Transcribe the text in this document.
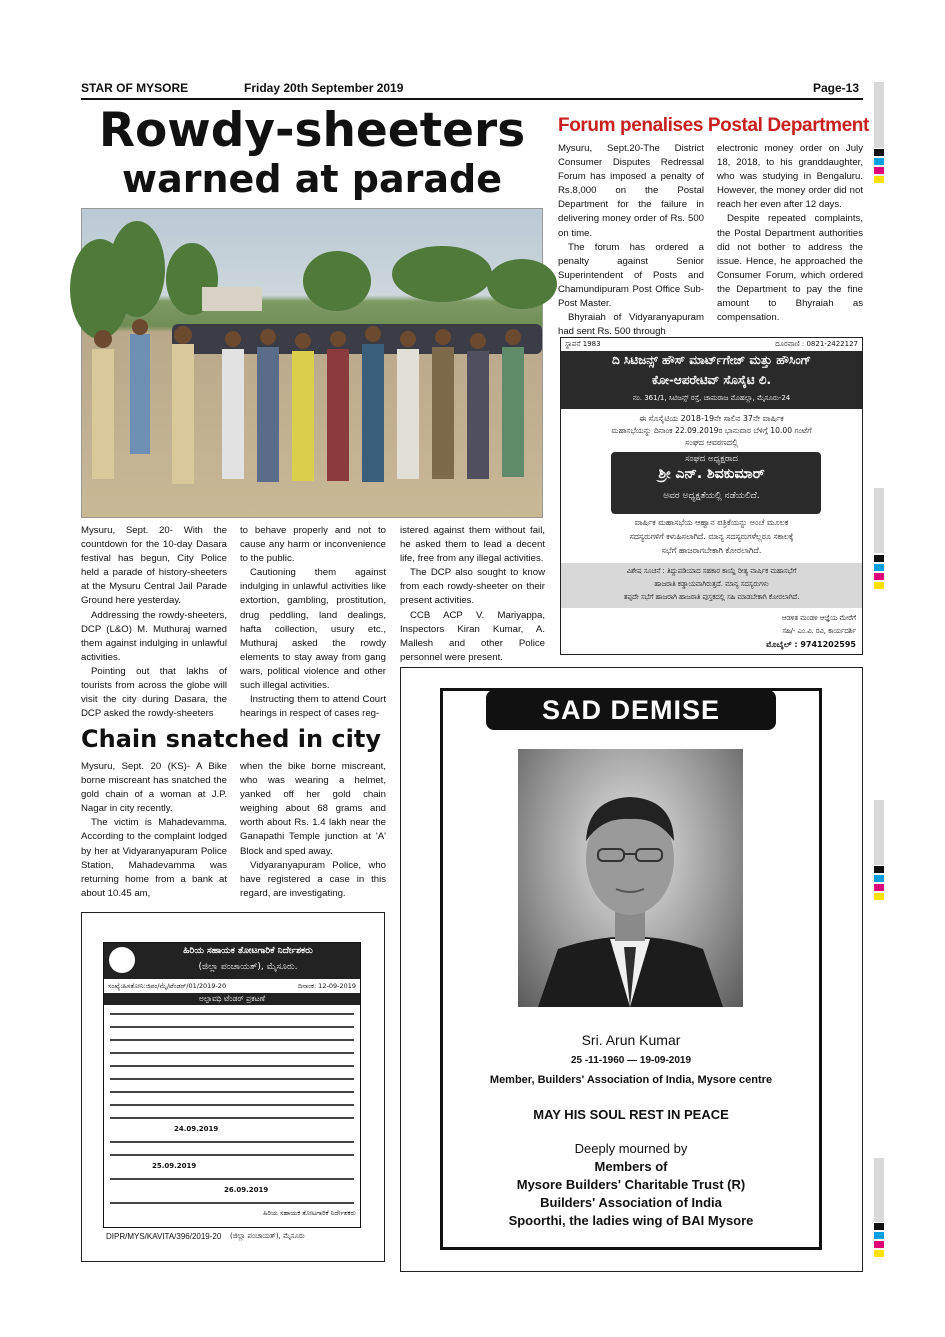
STAR OF MYSORE	Friday 20th September 2019	Page-13
Rowdy-sheeters
warned at parade

Mysuru, Sept. 20- With the countdown for the 10-day Dasara festival has begun, City Police held a parade of history-sheeters at the Mysuru Central Jail Parade Ground here yesterday.

Addressing the rowdy-sheeters, DCP (L&O) M. Muthuraj warned them against indulging in unlawful activities.

Pointing out that lakhs of tourists from across the globe will visit the city during Dasara, the DCP asked the rowdy-sheeters

to behave properly and not to cause any harm or inconvenience to the public.

Cautioning them against indulging in unlawful activities like extortion, gambling, prostitution, drug peddling, land dealings, hafta collection, usury etc., Muthuraj asked the rowdy elements to stay away from gang wars, political violence and other such illegal activities.

Instructing them to attend Court hearings in respect of cases reg-

istered against them without fail, he asked them to lead a decent life, free from any illegal activities.

The DCP also sought to know from each rowdy-sheeter on their present activities.

CCB ACP V. Mariyappa, Inspectors Kiran Kumar, A. Mallesh and other Police personnel were present.

Forum penalises Postal Department

Mysuru, Sept.20-The District Consumer Disputes Redressal Forum has imposed a penalty of Rs.8,000 on the Postal Department for the failure in delivering money order of Rs. 500 on time.

The forum has ordered a penalty against Senior Superintendent of Posts and Chamundipuram Post Office Sub-Post Master.

Bhyraiah of Vidyaranyapuram had sent Rs. 500 through

electronic money order on July 18, 2018, to his granddaughter, who was studying in Bengaluru. However, the money order did not reach her even after 12 days.

Despite repeated complaints, the Postal Department authorities did not bother to address the issue. Hence, he approached the Consumer Forum, which ordered the Department to pay the fine amount to Bhyraiah as compensation.

ಸ್ಥಾಪನೆ 1983	ದೂರವಾಣಿ : 0821-2422127
ದಿ ಸಿಟಿಜನ್ಸ್ ಹೌಸ್ ಮಾರ್ಟ್‌ಗೇಜ್ ಮತ್ತು ಹೌಸಿಂಗ್
ಕೋ-ಆಪರೇಟಿವ್ ಸೊಸೈಟಿ ಲಿ.
ನಂ. 361/1, ಸಿಟಿಜನ್ಸ್ ರಸ್ತೆ, ಚಾಮರಾಜ ಮೊಹಲ್ಲಾ, ಮೈಸೂರು-24
ಈ ಸೊಸೈಟಿಯ 2018-19ನೇ ಸಾಲಿನ 37ನೇ ವಾರ್ಷಿಕ
ಮಹಾಸಭೆಯನ್ನು ದಿನಾಂಕ 22.09.2019ರ ಭಾನುವಾರ ಬೆಳಿಗ್ಗೆ 10.00 ಗಂಟೆಗೆ
ಸಂಘದ ಆವರಣದಲ್ಲಿ
ಸಂಘದ ಅಧ್ಯಕ್ಷರಾದ
ಶ್ರೀ ಎನ್. ಶಿವಕುಮಾರ್
ಅವರ ಅಧ್ಯಕ್ಷತೆಯಲ್ಲಿ ನಡೆಯಲಿದೆ.
ವಾರ್ಷಿಕ ಮಹಾಸಭೆಯ ಆಹ್ವಾನ ಪತ್ರಿಕೆಯನ್ನು ಅಂಚೆ ಮೂಲಕ
ಸದಸ್ಯರುಗಳಿಗೆ ಕಳುಹಿಸಲಾಗಿದೆ. ಮಾನ್ಯ ಸದಸ್ಯರುಗಳೆಲ್ಲರೂ ಸಕಾಲಕ್ಕೆ
ಸಭೆಗೆ ಹಾಜರಾಗಬೇಕಾಗಿ ಕೋರಲಾಗಿದೆ.
ವಿಶೇಷ ಸೂಚನೆ : ತಿದ್ದುಪಡಿಯಾದ ಸಹಕಾರ ಕಾಯ್ದೆ ರೀತ್ಯ ವಾರ್ಷಿಕ ಮಹಾಸಭೆಗೆ
ಹಾಜರಾತಿ ಕಡ್ಡಾಯವಾಗಿರುತ್ತದೆ. ಮಾನ್ಯ ಸದಸ್ಯರುಗಳು
ತಪ್ಪದೇ ಸಭೆಗೆ ಹಾಜರಾಗಿ ಹಾಜರಾತಿ ಪುಸ್ತಕದಲ್ಲಿ ಸಹಿ ಮಾಡಬೇಕಾಗಿ ಕೋರಲಾಗಿದೆ.
ಆಡಳಿತ ಮಂಡಳಿ ಆಜ್ಞೆಯ ಮೇರೆಗೆ
ಸಹಿ/- ಎಂ.ವಿ. ರವಿ, ಕಾರ್ಯದರ್ಶಿ
ಮೊಬೈಲ್ : 9741202595
Chain snatched in city

Mysuru, Sept. 20 (KS)- A Bike borne miscreant has snatched the gold chain of a woman at J.P. Nagar in city recently.

The victim is Mahadevamma. According to the complaint lodged by her at Vidyaranyapuram Police Station, Mahadevamma was returning home from a bank at about 10.45 am,

when the bike borne miscreant, who was wearing a helmet, yanked off her gold chain weighing about 68 grams and worth about Rs. 1.4 lakh near the Ganapathi Temple junction at 'A' Block and sped away.

Vidyaranyapuram Police, who have registered a case in this regard, are investigating.

ಹಿರಿಯ ಸಹಾಯಕ ತೋಟಗಾರಿಕೆ ನಿರ್ದೇಶಕರು
(ಜಿಲ್ಲಾ ಪಂಚಾಯತ್), ಮೈಸೂರು.
ಸಂಖ್ಯೆ:ಹಿಸತೋನಿ:ಜಿಪಂ/ಮೈ/ಟೆಂಡರ್/01/2019-20	ದಿನಾಂಕ: 12-09-2019
ಅಲ್ಪಾವಧಿ ಟೆಂಡರ್ ಪ್ರಕಟಣೆ
24.09.2019
25.09.2019
26.09.2019
ಹಿರಿಯ ಸಹಾಯಕ ತೋಟಗಾರಿಕೆ ನಿರ್ದೇಶಕರು
DIPR/MYS/KAVITA/396/2019-20 (ಜಿಲ್ಲಾ ಪಂಚಾಯತ್), ಮೈಸೂರು
SAD DEMISE
Sri. Arun Kumar
25 -11-1960 — 19-09-2019
Member, Builders' Association of India, Mysore centre
MAY HIS SOUL REST IN PEACE
Deeply mourned by
Members of
Mysore Builders' Charitable Trust (R)
Builders' Association of India
Spoorthi, the ladies wing of BAI Mysore
